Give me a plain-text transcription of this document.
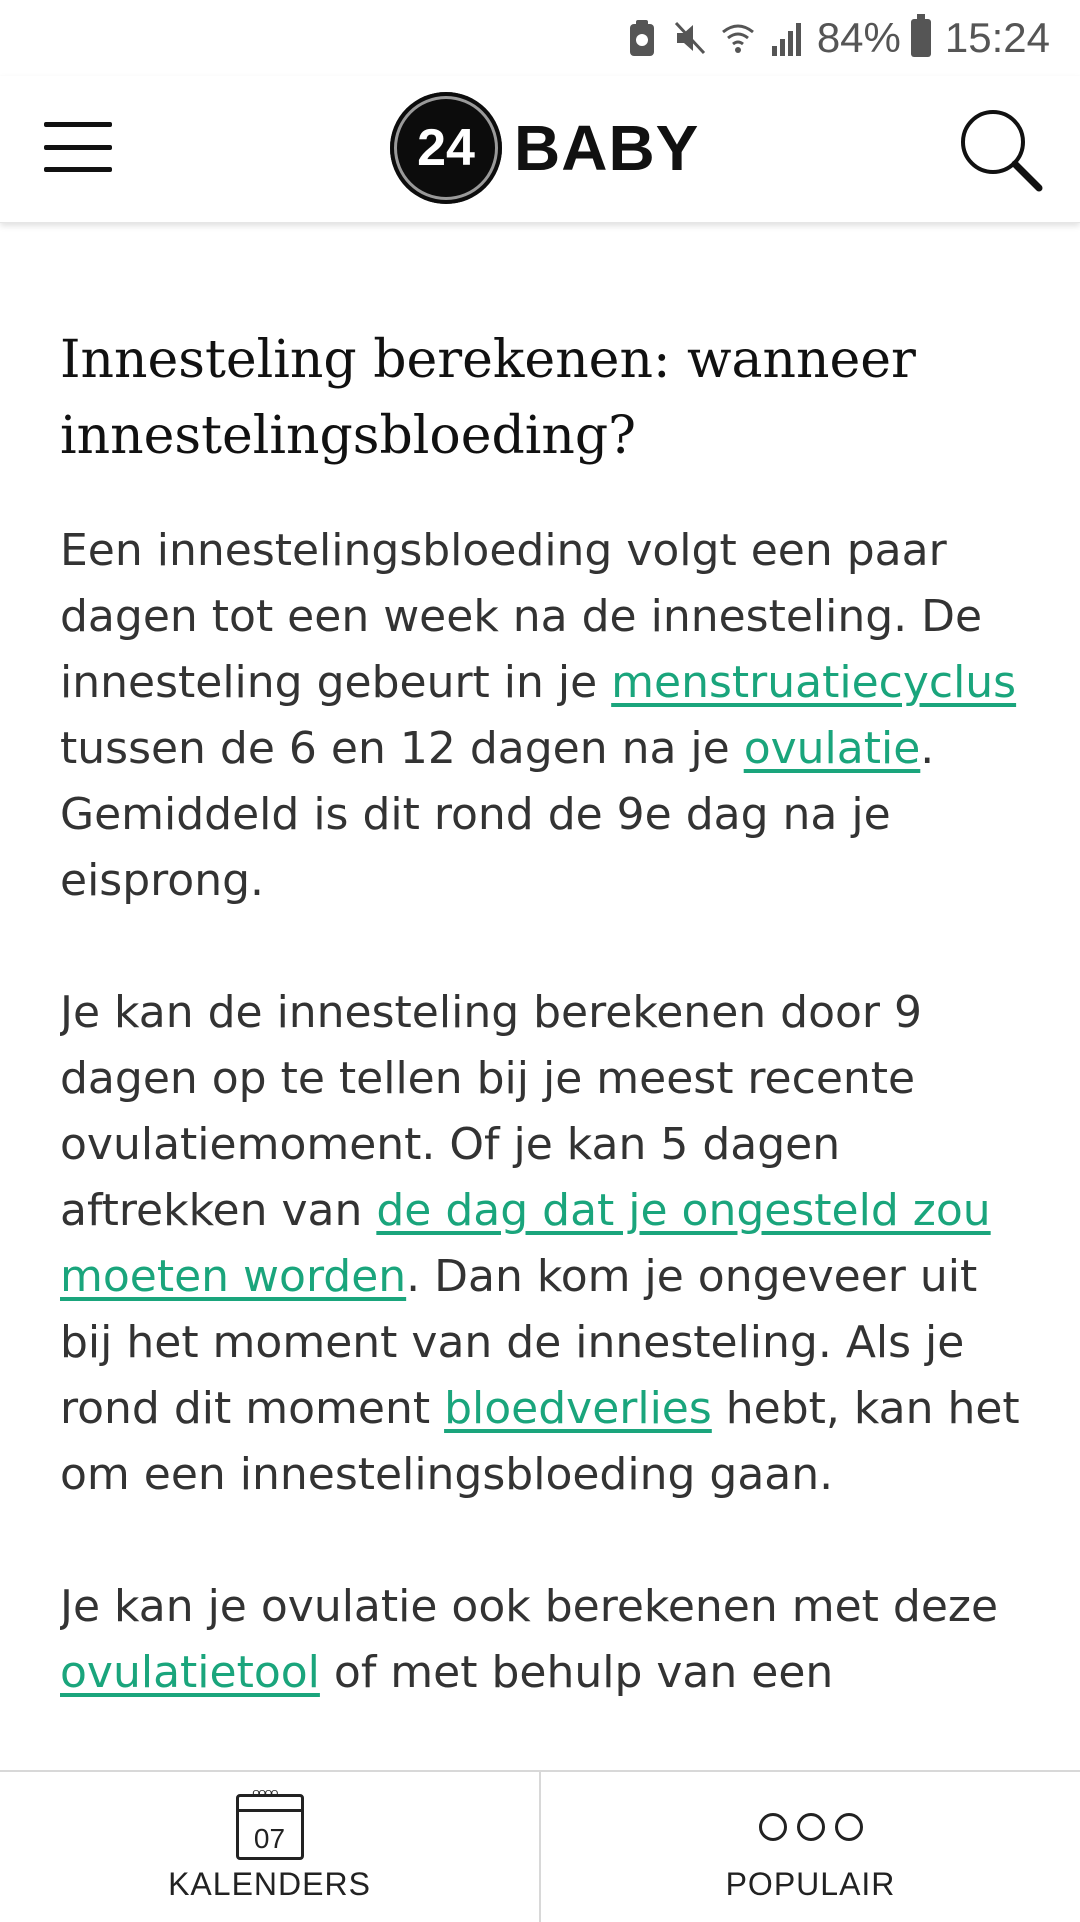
84% 15:24
24 BABY
Innesteling berekenen: wanneer innestelingsbloeding?

Een innestelingsbloeding volgt een paar dagen tot een week na de innesteling. De innesteling gebeurt in je menstruatiecyclus tussen de 6 en 12 dagen na je ovulatie. Gemiddeld is dit rond de 9e dag na je eisprong.

Je kan de innesteling berekenen door 9 dagen op te tellen bij je meest recente ovulatiemoment. Of je kan 5 dagen aftrekken van de dag dat je ongesteld zou moeten worden. Dan kom je ongeveer uit bij het moment van de innesteling. Als je rond dit moment bloedverlies hebt, kan het om een innestelingsbloeding gaan.

Je kan je ovulatie ook berekenen met deze ovulatietool of met behulp van een

ᴼᴼᴼᴼ
07
KALENDERS	POPULAIR
